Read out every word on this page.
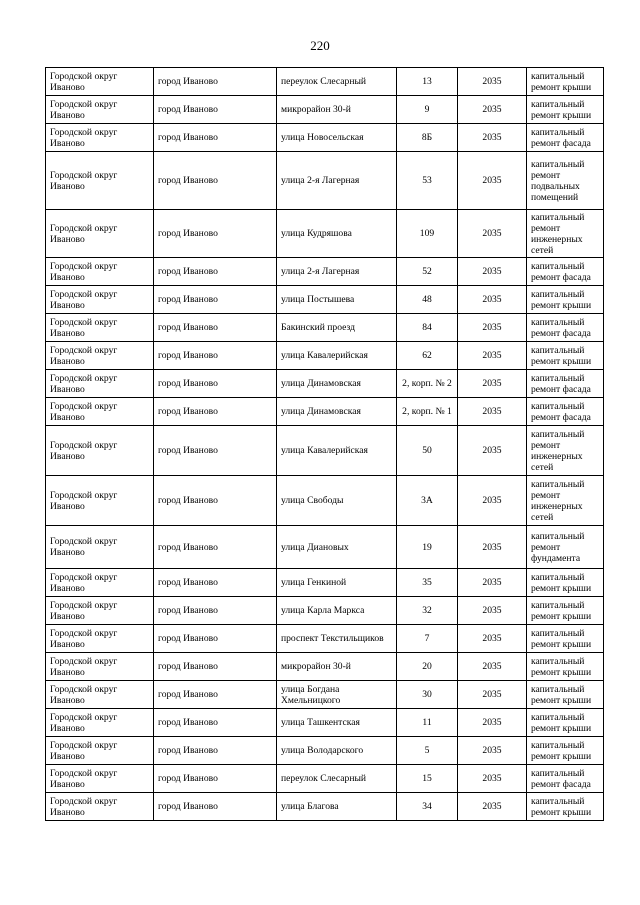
220
Городской округ Иваново	город Иваново	переулок Слесарный	13	2035	капитальный ремонт крыши
Городской округ Иваново	город Иваново	микрорайон 30-й	9	2035	капитальный ремонт крыши
Городской округ Иваново	город Иваново	улица Новосельская	8Б	2035	капитальный ремонт фасада
Городской округ Иваново	город Иваново	улица 2-я Лагерная	53	2035	капитальный ремонт подвальных помещений
Городской округ Иваново	город Иваново	улица Кудряшова	109	2035	капитальный ремонт инженерных сетей
Городской округ Иваново	город Иваново	улица 2-я Лагерная	52	2035	капитальный ремонт фасада
Городской округ Иваново	город Иваново	улица Постышева	48	2035	капитальный ремонт крыши
Городской округ Иваново	город Иваново	Бакинский проезд	84	2035	капитальный ремонт фасада
Городской округ Иваново	город Иваново	улица Кавалерийская	62	2035	капитальный ремонт крыши
Городской округ Иваново	город Иваново	улица Динамовская	2, корп. № 2	2035	капитальный ремонт фасада
Городской округ Иваново	город Иваново	улица Динамовская	2, корп. № 1	2035	капитальный ремонт фасада
Городской округ Иваново	город Иваново	улица Кавалерийская	50	2035	капитальный ремонт инженерных сетей
Городской округ Иваново	город Иваново	улица Свободы	3А	2035	капитальный ремонт инженерных сетей
Городской округ Иваново	город Иваново	улица Диановых	19	2035	капитальный ремонт фундамента
Городской округ Иваново	город Иваново	улица Генкиной	35	2035	капитальный ремонт крыши
Городской округ Иваново	город Иваново	улица Карла Маркса	32	2035	капитальный ремонт крыши
Городской округ Иваново	город Иваново	проспект Текстильщиков	7	2035	капитальный ремонт крыши
Городской округ Иваново	город Иваново	микрорайон 30-й	20	2035	капитальный ремонт крыши
Городской округ Иваново	город Иваново	улица Богдана Хмельницкого	30	2035	капитальный ремонт крыши
Городской округ Иваново	город Иваново	улица Ташкентская	11	2035	капитальный ремонт крыши
Городской округ Иваново	город Иваново	улица Володарского	5	2035	капитальный ремонт крыши
Городской округ Иваново	город Иваново	переулок Слесарный	15	2035	капитальный ремонт фасада
Городской округ Иваново	город Иваново	улица Благова	34	2035	капитальный ремонт крыши
